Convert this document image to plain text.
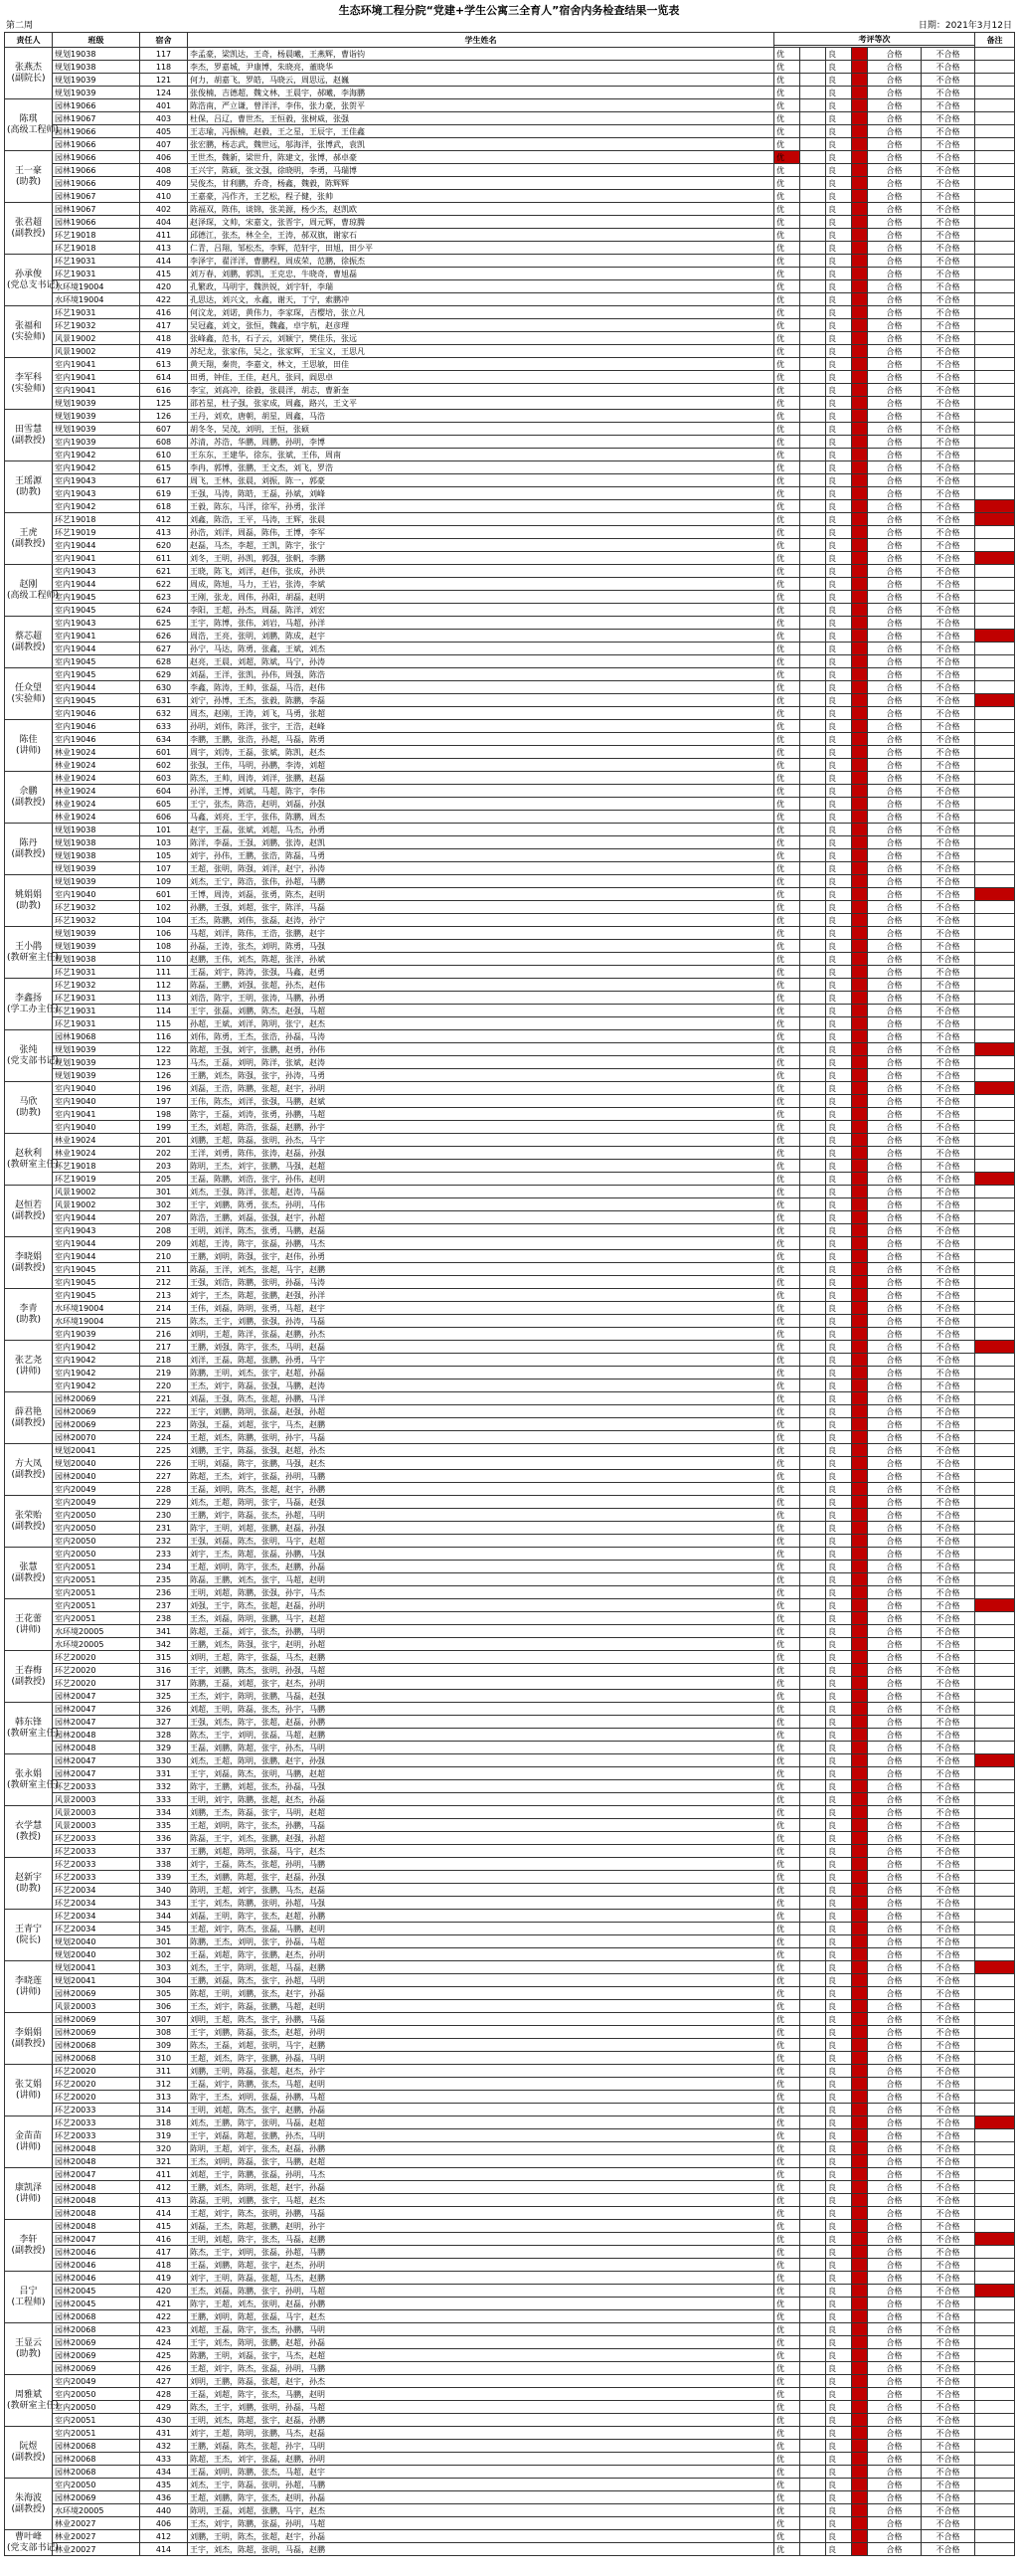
生态环境工程分院“党建+学生公寓三全育人”宿舍内务检查结果一览表
第二周	日期：2021年3月12日
责任人	班级	宿舍	学生姓名	考评等次						备注

张燕杰
(副院长)	规划19038	117	李孟豪，梁凯达，王奇，杨晨曦，王燕辉，曹诣钧	优		良		合格	不合格	
	规划19038	118	李杰，罗嘉城，尹康博，朱晓亮，董晓华	优		良		合格	不合格	
	规划19039	121	何力，胡嘉飞，罗皓，马晓云，周思远，赵巍	优		良		合格	不合格	
	规划19039	124	张俊楠，吉德超，魏文林，王晨宇，郝曦，李海鹏	优		良		合格	不合格	
陈琪
(高级工程师)	园林19066	401	陈浩南，严立谦，曾洋洋，李伟，张力豪，张贺平	优		良		合格	不合格	
	园林19067	403	杜保，吕辽，曹世杰，王恒毅，张树威，张强	优		良		合格	不合格	
	园林19066	405	王志瑜，冯振楠，赵毅，王之星，王辰宇，王佳鑫	优		良		合格	不合格	
	园林19066	407	张宏鹏，杨志武，魏世远，邬海洋，张博武，袁凯	优		良		合格	不合格	
王一豪
(助教)	园林19066	406	王世杰，魏新，梁世升，陈建文，张博，郝卓豪	优		良		合格	不合格	
	园林19066	408	王兴宇，陈硕，张文强，徐晓明，李勇，马瑞博	优		良		合格	不合格	
	园林19066	409	吴俊杰，甘利鹏，乔奇，杨鑫，魏毅，陈辉辉	优		良		合格	不合格	
	园林19067	410	王嘉豪，冯作齐，王艺松，程子健，张帅	优		良		合格	不合格	
张君超
(副教授)	园林19067	402	陈福双，陈伟，谈锦，张美源，杨少杰，赵凯欧	优		良		合格	不合格	
	园林19066	404	赵泽琛，文帅，宋嘉文，张晋宇，周元辉，曹琼腾	优		良		合格	不合格	
	环艺19018	411	邱德江，张杰，林全全，王涛，郝双旗，谢家石	优		良		合格	不合格	
	环艺19018	413	仁青，吕翔，邹松杰，李辉，范轩宇，田旭，田少平	优		良		合格	不合格	
孙承俊
(党总支书记)	环艺19031	414	李泽宇，翟洋洋，曹鹏程，周成荣，范鹏，徐振杰	优		良		合格	不合格	
	环艺19031	415	刘万春，刘鹏，郭凯，王克忠，牛晓奇，曹旭磊	优		良		合格	不合格	
	水环境19004	420	孔繁政，马明宇，魏洪锐，刘宇轩，李瑞	优		良		合格	不合格	
	水环境19004	422	孔思达，刘兴文，永鑫，谢天，丁宁，索鹏冲	优		良		合格	不合格	
张福和
(实验师)	环艺19031	416	何汶龙，刘诺，黄伟力，李家琛，吉樱培，张立凡	优		良		合格	不合格	
	环艺19032	417	吴冠鑫，刘文，张恒，魏鑫，卓宇航，赵彦理	优		良		合格	不合格	
	风景19002	418	张峰鑫，范书，石子云，刘颖宁，樊佳乐，张远	优		良		合格	不合格	
	风景19002	419	苏纪龙，张家伟，吴之，张家辉，王宝义，王思凡	优		良		合格	不合格	
李军科
(实验师)	室内19041	613	黄天翔，秦贵，李嘉文，林文，王思敏，田佳	优		良		合格	不合格	
	室内19041	614	田勇，钟佳，王佳，赵凡，张同，阎思卓	优		良		合格	不合格	
	室内19041	616	李宝，刘高冲，徐毅，张晨洋，胡志，曹新奎	优		良		合格	不合格	
	规划19039	125	邵若星，杜子强，张家成，周鑫，路兴，王文平	优		良		合格	不合格	
田雪慧
(副教授)	规划19039	126	王丹，刘欢，唐朝，胡星，周鑫，马浩	优		良		合格	不合格	
	规划19039	607	胡冬冬，吴茂，刘明，王恒，张硕	优		良		合格	不合格	
	室内19039	608	苏清，苏浩，华鹏，周鹏，孙明，李博	优		良		合格	不合格	
	室内19042	610	王东东，王建华，徐东，张斌，王伟，周南	优		良		合格	不合格	
王瑶源
(助教)	室内19042	615	李冉，郭博，张鹏，王文杰，刘飞，罗浩	优		良		合格	不合格	
	室内19043	617	周飞，王林，张晨，刘振，陈一，郭豪	优		良		合格	不合格	
	室内19043	619	王强，马涛，陈皓，王磊，孙斌，刘峰	优		良		合格	不合格	
	室内19042	618	王毅，陈东，马洋，徐军，孙勇，张洋	优		良		合格	不合格	
王虎
(副教授)	环艺19018	412	刘鑫，陈浩，王平，马涛，王辉，张晨	优		良		合格	不合格	
	环艺19019	413	孙浩，刘洋，周磊，陈伟，王博，李军	优		良		合格	不合格	
	室内19044	620	赵磊，马杰，李超，王凯，陈宇，张宁	优		良		合格	不合格	
	室内19041	611	刘冬，王明，孙凯，郭强，张帆，李鹏	优		良		合格	不合格	
赵刚
(高级工程师)	室内19043	621	王晓，陈飞，刘洋，赵伟，张成，孙洪	优		良		合格	不合格	
	室内19044	622	周成，陈旭，马力，王岩，张涛，李斌	优		良		合格	不合格	
	室内19045	623	王刚，张龙，周伟，孙阳，胡磊，赵明	优		良		合格	不合格	
	室内19045	624	李阳，王超，孙杰，周磊，陈洋，刘宏	优		良		合格	不合格	
蔡芯超
(副教授)	室内19043	625	王宇，陈博，张伟，刘岩，马超，孙洋	优		良		合格	不合格	
	室内19041	626	周浩，王亮，张明，刘鹏，陈成，赵宇	优		良		合格	不合格	
	室内19044	627	孙宁，马达，陈勇，张鑫，王斌，刘杰	优		良		合格	不合格	
	室内19045	628	赵亮，王晨，刘超，陈斌，马宁，孙涛	优		良		合格	不合格	
任众望
(实验师)	室内19045	629	刘磊，王洋，张凯，孙伟，周强，陈浩	优		良		合格	不合格	
	室内19044	630	李鑫，陈涛，王帅，张磊，马浩，赵伟	优		良		合格	不合格	
	室内19045	631	刘宁，孙博，王杰，张毅，陈鹏，李磊	优		良		合格	不合格	
	室内19046	632	周杰，赵刚，王涛，刘飞，马勇，张超	优		良		合格	不合格	
陈佳
(讲师)	室内19046	633	孙明，刘伟，陈洋，张宇，王浩，赵峰	优		良		合格	不合格	
	室内19046	634	李鹏，王鹏，张浩，孙超，马磊，陈勇	优		良		合格	不合格	
	林业19024	601	周宇，刘涛，王磊，张斌，陈凯，赵杰	优		良		合格	不合格	
	林业19024	602	张强，王伟，马明，孙鹏，李涛，刘超	优		良		合格	不合格	
佘鹏
(副教授)	林业19024	603	陈杰，王帅，周涛，刘洋，张鹏，赵磊	优		良		合格	不合格	
	林业19024	604	孙洋，王博，刘斌，马超，陈宇，李伟	优		良		合格	不合格	
	林业19024	605	王宁，张杰，陈浩，赵明，刘磊，孙强	优		良		合格	不合格	
	林业19024	606	马鑫，刘亮，王宇，张伟，陈鹏，周杰	优		良		合格	不合格	
陈丹
(副教授)	规划19038	101	赵宇，王磊，张斌，刘超，马杰，孙勇	优		良		合格	不合格	
	规划19038	103	陈洋，李磊，王强，刘鹏，张涛，赵凯	优		良		合格	不合格	
	规划19038	105	刘宇，孙伟，王鹏，张浩，陈磊，马勇	优		良		合格	不合格	
	规划19039	107	王超，张明，陈强，刘洋，赵宁，孙涛	优		良		合格	不合格	
姚娟娟
(助教)	规划19039	109	刘杰，王宁，陈浩，张伟，孙超，马鹏	优		良		合格	不合格	
	室内19040	601	王博，周涛，刘磊，张勇，陈杰，赵明	优		良		合格	不合格	
	环艺19032	102	孙鹏，王强，刘超，张宇，陈洋，马磊	优		良		合格	不合格	
	环艺19032	104	王杰，陈鹏，刘伟，张磊，赵涛，孙宁	优		良		合格	不合格	
王小鹃
(教研室主任)	规划19039	106	马超，刘洋，陈伟，王浩，张鹏，赵宇	优		良		合格	不合格	
	规划19039	108	孙磊，王涛，张杰，刘明，陈勇，马强	优		良		合格	不合格	
	规划19038	110	赵鹏，王伟，刘杰，陈超，张洋，孙斌	优		良		合格	不合格	
	环艺19031	111	王磊，刘宇，陈涛，张强，马鑫，赵勇	优		良		合格	不合格	
李鑫扬
(学工办主任)	环艺19032	112	陈磊，王鹏，刘强，张超，孙杰，赵伟	优		良		合格	不合格	
	环艺19031	113	刘浩，陈宇，王明，张涛，马鹏，孙勇	优		良		合格	不合格	
	环艺19031	114	王宇，张磊，刘鹏，陈杰，赵强，马超	优		良		合格	不合格	
	环艺19031	115	孙超，王斌，刘洋，陈明，张宁，赵杰	优		良		合格	不合格	
张纯
(党支部书记)	园林19068	116	刘伟，陈勇，王杰，张浩，孙磊，马涛	优		良		合格	不合格	
	规划19039	122	陈超，王强，刘宇，张鹏，赵勇，孙伟	优		良		合格	不合格	
	规划19039	123	马杰，王磊，刘明，陈洋，张斌，赵涛	优		良		合格	不合格	
	规划19039	126	王鹏，刘杰，陈强，张宇，孙涛，马勇	优		良		合格	不合格	
马欣
(助教)	室内19040	196	刘磊，王浩，陈鹏，张超，赵宇，孙明	优		良		合格	不合格	
	室内19040	197	王伟，陈杰，刘洋，张强，马鹏，赵斌	优		良		合格	不合格	
	室内19041	198	陈宇，王磊，刘涛，张勇，孙鹏，马超	优		良		合格	不合格	
	室内19040	199	王杰，刘超，陈浩，张磊，赵鹏，孙宇	优		良		合格	不合格	
赵秋利
(教研室主任)	林业19024	201	刘鹏，王超，陈磊，张明，孙杰，马宇	优		良		合格	不合格	
	林业19024	202	王洋，刘勇，陈伟，张涛，赵磊，孙强	优		良		合格	不合格	
	环艺19018	203	陈明，王杰，刘宇，张鹏，马强，赵超	优		良		合格	不合格	
	环艺19019	205	王磊，陈鹏，刘浩，张宇，孙伟，赵明	优		良		合格	不合格	
赵恒若
(副教授)	风景19002	301	刘杰，王强，陈洋，张超，赵涛，马磊	优		良		合格	不合格	
	风景19002	302	王宇，刘鹏，陈勇，张杰，孙明，马伟	优		良		合格	不合格	
	室内19044	207	陈浩，王鹏，刘磊，张强，赵宇，孙超	优		良		合格	不合格	
	室内19043	208	王明，刘洋，陈杰，张勇，马鹏，赵磊	优		良		合格	不合格	
李晓娟
(副教授)	室内19044	209	刘超，王涛，陈宇，张磊，孙鹏，马杰	优		良		合格	不合格	
	室内19044	210	王鹏，刘明，陈强，张宇，赵伟，孙勇	优		良		合格	不合格	
	室内19045	211	陈磊，王洋，刘杰，张超，马宇，赵鹏	优		良		合格	不合格	
	室内19045	212	王强，刘浩，陈鹏，张明，孙磊，马涛	优		良		合格	不合格	
李青
(助教)	室内19045	213	刘宇，王杰，陈超，张鹏，赵强，孙洋	优		良		合格	不合格	
	水环境19004	214	王伟，刘磊，陈明，张勇，马超，赵宇	优		良		合格	不合格	
	水环境19004	215	陈杰，王宇，刘鹏，张强，孙涛，马磊	优		良		合格	不合格	
	室内19039	216	刘明，王超，陈洋，张磊，赵鹏，孙杰	优		良		合格	不合格	
张艺尧
(讲师)	室内19042	217	王鹏，刘强，陈宇，张杰，马明，赵磊	优		良		合格	不合格	
	室内19042	218	刘洋，王磊，陈超，张鹏，孙勇，马宇	优		良		合格	不合格	
	室内19042	219	陈鹏，王明，刘杰，张宇，赵超，孙磊	优		良		合格	不合格	
	室内19042	220	王杰，刘宇，陈磊，张强，马鹏，赵涛	优		良		合格	不合格	
薛君艳
(副教授)	园林20069	221	刘磊，王强，陈杰，张超，孙鹏，马洋	优		良		合格	不合格	
	园林20069	222	王宇，刘鹏，陈明，张磊，赵强，孙超	优		良		合格	不合格	
	园林20069	223	陈强，王磊，刘超，张宇，马杰，赵鹏	优		良		合格	不合格	
	园林20070	224	王超，刘杰，陈鹏，张明，孙宇，马磊	优		良		合格	不合格	
方大凤
(副教授)	规划20041	225	刘鹏，王宇，陈磊，张强，赵超，孙杰	优		良		合格	不合格	
	规划20040	226	王明，刘磊，陈宇，张鹏，马强，赵杰	优		良		合格	不合格	
	园林20040	227	陈超，王杰，刘宇，张磊，孙明，马鹏	优		良		合格	不合格	
	室内20049	228	王磊，刘明，陈杰，张超，赵宇，孙鹏	优		良		合格	不合格	
张荣贻
(副教授)	室内20049	229	刘杰，王超，陈明，张宇，马磊，赵强	优		良		合格	不合格	
	室内20050	230	王鹏，刘宇，陈磊，张杰，孙超，马明	优		良		合格	不合格	
	室内20050	231	陈宇，王明，刘超，张鹏，赵磊，孙强	优		良		合格	不合格	
	室内20050	232	王强，刘磊，陈杰，张明，马宇，赵超	优		良		合格	不合格	
张慧
(副教授)	室内20050	233	刘宇，王杰，陈超，张磊，孙鹏，马强	优		良		合格	不合格	
	室内20051	234	王超，刘明，陈宇，张杰，赵鹏，孙磊	优		良		合格	不合格	
	室内20051	235	陈磊，王鹏，刘杰，张宇，马超，赵明	优		良		合格	不合格	
	室内20051	236	王明，刘超，陈鹏，张强，孙宇，马杰	优		良		合格	不合格	
王花蕾
(讲师)	室内20051	237	刘强，王宇，陈杰，张超，赵磊，孙明	优		良		合格	不合格	
	室内20051	238	王杰，刘磊，陈明，张鹏，马宇，赵超	优		良		合格	不合格	
	水环境20005	341	陈超，王磊，刘宇，张杰，孙鹏，马明	优		良		合格	不合格	
	水环境20005	342	王鹏，刘杰，陈强，张宇，赵明，孙超	优		良		合格	不合格	
王春梅
(副教授)	环艺20020	315	刘明，王超，陈宇，张磊，马杰，赵鹏	优		良		合格	不合格	
	环艺20020	316	王宇，刘鹏，陈杰，张明，孙强，马超	优		良		合格	不合格	
	环艺20020	317	陈鹏，王磊，刘超，张宇，赵杰，孙明	优		良		合格	不合格	
	园林20047	325	王杰，刘宇，陈明，张鹏，马磊，赵强	优		良		合格	不合格	
韩东锋
(教研室主任)	园林20047	326	刘超，王明，陈磊，张杰，孙宇，马鹏	优		良		合格	不合格	
	园林20047	327	王强，刘杰，陈宇，张超，赵磊，孙鹏	优		良		合格	不合格	
	园林20048	328	陈杰，王宇，刘明，张磊，马超，赵鹏	优		良		合格	不合格	
	园林20048	329	王磊，刘鹏，陈超，张宇，孙杰，马明	优		良		合格	不合格	
张永娟
(教研室主任)	园林20047	330	刘杰，王超，陈明，张鹏，赵宇，孙强	优		良		合格	不合格	
	园林20047	331	王宇，刘磊，陈杰，张明，马鹏，赵超	优		良		合格	不合格	
	环艺20033	332	陈宇，王鹏，刘超，张杰，孙磊，马强	优		良		合格	不合格	
	风景20003	333	王明，刘宇，陈鹏，张超，赵杰，孙磊	优		良		合格	不合格	
衣学慧
(教授)	风景20003	334	刘鹏，王杰，陈磊，张宇，马明，赵超	优		良		合格	不合格	
	风景20003	335	王超，刘明，陈宇，张杰，孙鹏，马磊	优		良		合格	不合格	
	环艺20033	336	陈磊，王宇，刘杰，张鹏，赵强，孙超	优		良		合格	不合格	
	环艺20033	337	王鹏，刘超，陈明，张磊，马宇，赵杰	优		良		合格	不合格	
赵新宇
(助教)	环艺20033	338	刘宇，王磊，陈杰，张超，孙明，马鹏	优		良		合格	不合格	
	环艺20033	339	王杰，刘鹏，陈超，张宇，赵磊，孙强	优		良		合格	不合格	
	环艺20034	340	陈明，王超，刘宇，张鹏，马杰，赵磊	优		良		合格	不合格	
	环艺20034	343	王宇，刘杰，陈鹏，张明，孙超，马强	优		良		合格	不合格	
王青宁
(院长)	环艺20034	344	刘磊，王明，陈宇，张杰，赵超，孙鹏	优		良		合格	不合格	
	环艺20034	345	王超，刘宇，陈杰，张磊，马鹏，赵明	优		良		合格	不合格	
	规划20040	301	陈鹏，王杰，刘明，张宇，孙磊，马超	优		良		合格	不合格	
	规划20040	302	王磊，刘超，陈宇，张鹏，赵杰，孙明	优		良		合格	不合格	
李晓莲
(讲师)	规划20041	303	刘杰，王宇，陈明，张超，马磊，赵鹏	优		良		合格	不合格	
	规划20041	304	王鹏，刘磊，陈杰，张宇，孙超，马明	优		良		合格	不合格	
	园林20069	305	陈超，王明，刘鹏，张杰，赵宇，孙磊	优		良		合格	不合格	
	风景20003	306	王杰，刘宇，陈磊，张鹏，马超，赵明	优		良		合格	不合格	
李娟娟
(副教授)	园林20069	307	刘明，王超，陈杰，张宇，孙鹏，马磊	优		良		合格	不合格	
	园林20069	308	王宇，刘鹏，陈磊，张杰，赵超，孙明	优		良		合格	不合格	
	园林20068	309	陈杰，王磊，刘超，张明，马宇，赵鹏	优		良		合格	不合格	
	园林20068	310	王超，刘杰，陈宇，张鹏，孙磊，马明	优		良		合格	不合格	
张艾娟
(讲师)	环艺20020	311	刘鹏，王明，陈磊，张超，赵杰，孙宇	优		良		合格	不合格	
	环艺20020	312	王磊，刘宇，陈鹏，张杰，马超，赵明	优		良		合格	不合格	
	环艺20020	313	陈宇，王杰，刘明，张磊，孙鹏，马超	优		良		合格	不合格	
	环艺20033	314	王明，刘超，陈杰，张宇，赵鹏，孙磊	优		良		合格	不合格	
金苗苗
(讲师)	环艺20033	318	刘杰，王鹏，陈宇，张明，马磊，赵超	优		良		合格	不合格	
	环艺20033	319	王宇，刘磊，陈超，张鹏，孙杰，马明	优		良		合格	不合格	
	园林20048	320	陈明，王超，刘宇，张杰，赵磊，孙鹏	优		良		合格	不合格	
	园林20048	321	王杰，刘明，陈磊，张宇，马鹏，赵超	优		良		合格	不合格	
康凯泽
(讲师)	园林20047	411	刘超，王宇，陈鹏，张磊，孙明，马杰	优		良		合格	不合格	
	园林20048	412	王鹏，刘杰，陈明，张超，赵宇，孙磊	优		良		合格	不合格	
	园林20048	413	陈磊，王明，刘鹏，张宇，马超，赵杰	优		良		合格	不合格	
	园林20048	414	王超，刘宇，陈杰，张明，孙鹏，马磊	优		良		合格	不合格	
李轩
(副教授)	园林20048	415	刘磊，王杰，陈超，张鹏，赵明，孙宇	优		良		合格	不合格	
	园林20047	416	王明，刘超，陈宇，张杰，马磊，赵鹏	优		良		合格	不合格	
	园林20046	417	陈杰，王宇，刘明，张磊，孙超，马鹏	优		良		合格	不合格	
	园林20046	418	王磊，刘鹏，陈超，张宇，赵杰，孙明	优		良		合格	不合格	
吕宁
(工程师)	园林20046	419	刘宇，王明，陈磊，张超，马杰，赵鹏	优		良		合格	不合格	
	园林20045	420	王杰，刘磊，陈鹏，张宇，孙明，马超	优		良		合格	不合格	
	园林20045	421	陈宇，王超，刘杰，张明，赵磊，孙鹏	优		良		合格	不合格	
	园林20068	422	王鹏，刘明，陈超，张磊，马宇，赵杰	优		良		合格	不合格	
王显云
(助教)	园林20068	423	刘超，王磊，陈宇，张杰，孙鹏，马明	优		良		合格	不合格	
	园林20069	424	王宇，刘杰，陈明，张鹏，赵超，孙磊	优		良		合格	不合格	
	园林20069	425	陈鹏，王明，刘磊，张宇，马杰，赵超	优		良		合格	不合格	
	园林20069	426	王超，刘宇，陈杰，张磊，孙明，马鹏	优		良		合格	不合格	
周雅斌
(教研室主任)	室内20049	427	刘明，王鹏，陈磊，张超，赵宇，孙杰	优		良		合格	不合格	
	室内20050	428	王磊，刘超，陈宇，张杰，马鹏，赵明	优		良		合格	不合格	
	室内20050	429	陈杰，王宇，刘鹏，张明，孙磊，马超	优		良		合格	不合格	
	室内20051	430	王明，刘杰，陈超，张宇，赵磊，孙鹏	优		良		合格	不合格	
阮煜
(副教授)	室内20051	431	刘宇，王超，陈明，张鹏，马杰，赵磊	优		良		合格	不合格	
	园林20068	432	王鹏，刘磊，陈杰，张超，孙宇，马明	优		良		合格	不合格	
	园林20068	433	陈超，王杰，刘宇，张磊，赵鹏，孙明	优		良		合格	不合格	
	园林20068	434	王磊，刘明，陈鹏，张杰，马超，赵宇	优		良		合格	不合格	
朱海波
(副教授)	室内20050	435	刘杰，王宇，陈磊，张明，孙超，马鹏	优		良		合格	不合格	
	园林20069	436	王超，刘鹏，陈宇，张杰，赵明，孙磊	优		良		合格	不合格	
	水环境20005	440	陈明，王磊，刘超，张鹏，马宇，赵杰	优		良		合格	不合格	
	林业20027	406	王杰，刘宇，陈鹏，张磊，孙明，马超	优		良		合格	不合格	
曹叶峰
(党支部书记)	林业20027	412	刘鹏，王明，陈杰，张超，赵宇，孙磊	优		良		合格	不合格	
	林业20027	414	王宇，刘杰，陈超，张明，马磊，赵鹏	优		良		合格	不合格	
